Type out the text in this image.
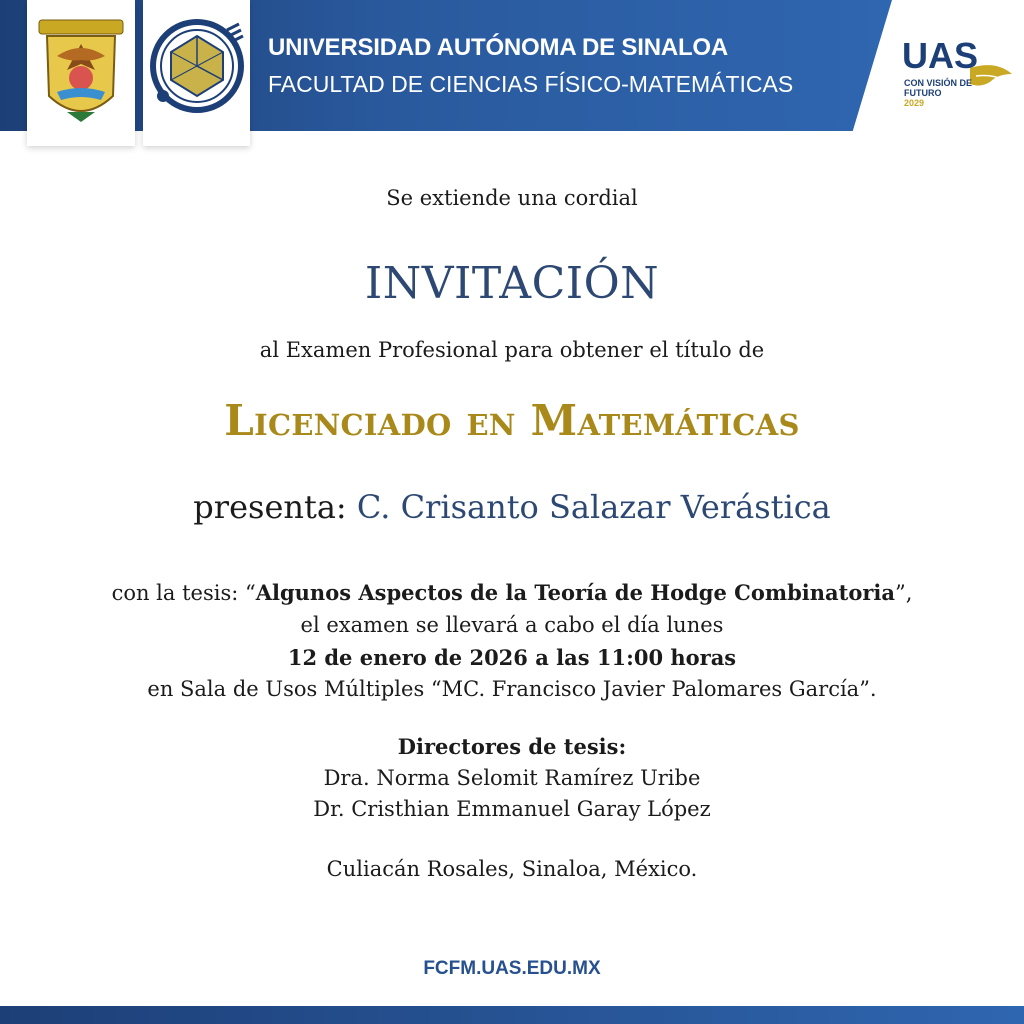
UNIVERSIDAD AUTÓNOMA DE SINALOA
FACULTAD DE CIENCIAS FÍSICO-MATEMÁTICAS
UAS
CON VISIÓN DE
FUTURO
2029
Se extiende una cordial
INVITACIÓN
al Examen Profesional para obtener el título de
Licenciado en Matemáticas
presenta: C. Crisanto Salazar Verástica
con la tesis: “Algunos Aspectos de la Teoría de Hodge Combinatoria”,
el examen se llevará a cabo el día lunes
12 de enero de 2026 a las 11:00 horas
en Sala de Usos Múltiples “MC. Francisco Javier Palomares García”.
Directores de tesis:
Dra. Norma Selomit Ramírez Uribe
Dr. Cristhian Emmanuel Garay López
Culiacán Rosales, Sinaloa, México.
FCFM.UAS.EDU.MX
